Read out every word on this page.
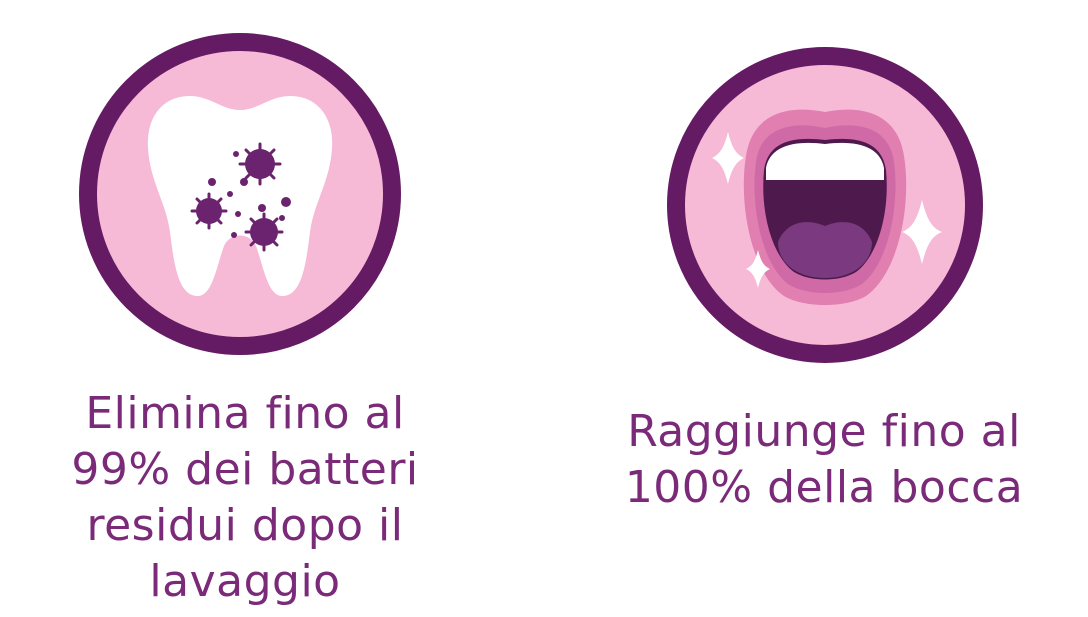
Elimina fino al
99% dei batteri
residui dopo il
lavaggio

Raggiunge fino al
100% della bocca
